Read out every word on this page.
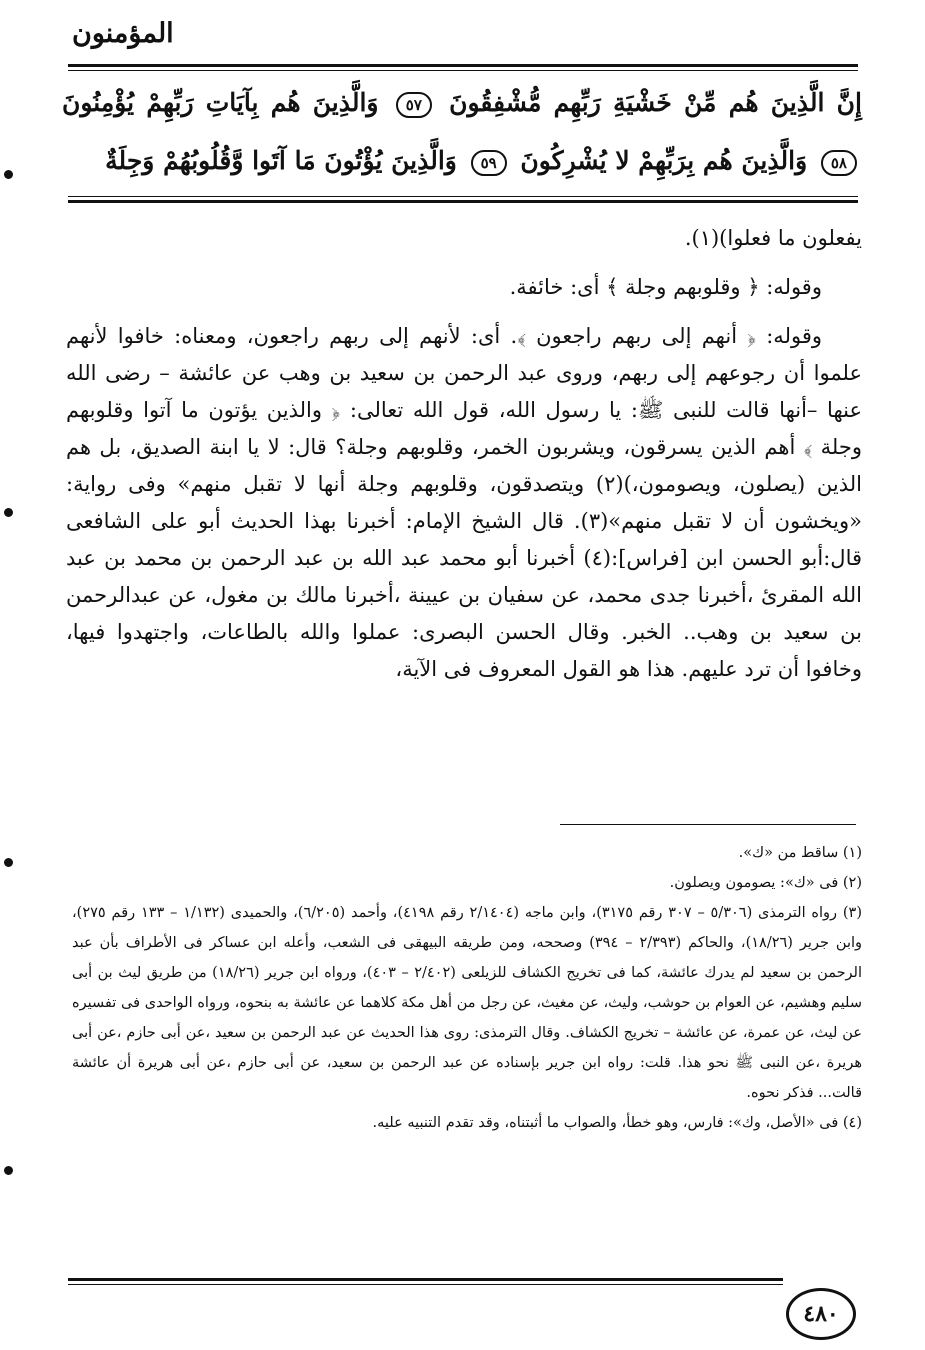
المؤمنون
إِنَّ الَّذِينَ هُم مِّنْ خَشْيَةِ رَبِّهِم مُّشْفِقُونَ ٥٧ وَالَّذِينَ هُم بِآيَاتِ رَبِّهِمْ يُؤْمِنُونَ ٥٨ وَالَّذِينَ هُم بِرَبِّهِمْ لا يُشْرِكُونَ ٥٩ وَالَّذِينَ يُؤْتُونَ مَا آتَوا وَّقُلُوبُهُمْ وَجِلَةٌ

يفعلون ما فعلوا)(١).

وقوله: ﴿ وقلوبهم وجلة ﴾ أى: خائفة.

وقوله: ﴿ أنهم إلى ربهم راجعون ﴾. أى: لأنهم إلى ربهم راجعون، ومعناه: خافوا لأنهم علموا أن رجوعهم إلى ربهم، وروى عبد الرحمن بن سعيد بن وهب عن عائشة – رضى الله عنها –أنها قالت للنبى ﷺ: يا رسول الله، قول الله تعالى: ﴿ والذين يؤتون ما آتوا وقلوبهم وجلة ﴾ أهم الذين يسرقون، ويشربون الخمر، وقلوبهم وجلة؟ قال: لا يا ابنة الصديق، بل هم الذين (يصلون، ويصومون،)(٢) ويتصدقون، وقلوبهم وجلة أنها لا تقبل منهم» وفى رواية: «ويخشون أن لا تقبل منهم»(٣). قال الشيخ الإمام: أخبرنا بهذا الحديث أبو على الشافعى قال:أبو الحسن ابن [فراس]:(٤) أخبرنا أبو محمد عبد الله بن عبد الرحمن بن محمد بن عبد الله المقرئ ،أخبرنا جدى محمد، عن سفيان بن عيينة ،أخبرنا مالك بن مغول، عن عبدالرحمن بن سعيد بن وهب.. الخبر. وقال الحسن البصرى: عملوا والله بالطاعات، واجتهدوا فيها، وخافوا أن ترد عليهم. هذا هو القول المعروف فى الآية،

(١) ساقط من «ك».

(٢) فى «ك»: يصومون ويصلون.

(٣) رواه الترمذى (٥/٣٠٦ – ٣٠٧ رقم ٣١٧٥)، وابن ماجه (٢/١٤٠٤ رقم ٤١٩٨)، وأحمد (٦/٢٠٥)، والحميدى (١/١٣٢ – ١٣٣ رقم ٢٧٥)، وابن جرير (١٨/٢٦)، والحاكم (٢/٣٩٣ – ٣٩٤) وصححه، ومن طريقه البيهقى فى الشعب، وأعله ابن عساكر فى الأطراف بأن عبد الرحمن بن سعيد لم يدرك عائشة، كما فى تخريج الكشاف للزيلعى (٢/٤٠٢ – ٤٠٣)، ورواه ابن جرير (١٨/٢٦) من طريق ليث بن أبى سليم وهشيم، عن العوام بن حوشب، وليث، عن مغيث، عن رجل من أهل مكة كلاهما عن عائشة به بنحوه، ورواه الواحدى فى تفسيره عن ليث، عن عمرة، عن عائشة – تخريج الكشاف. وقال الترمذى: روى هذا الحديث عن عبد الرحمن بن سعيد ،عن أبى حازم ،عن أبى هريرة ،عن النبى ﷺ نحو هذا. قلت: رواه ابن جرير بإسناده عن عبد الرحمن بن سعيد، عن أبى حازم ،عن أبى هريرة أن عائشة قالت... فذكر نحوه.

(٤) فى «الأصل، وك»: فارس، وهو خطأ، والصواب ما أثبتناه، وقد تقدم التنبيه عليه.

٤٨٠
